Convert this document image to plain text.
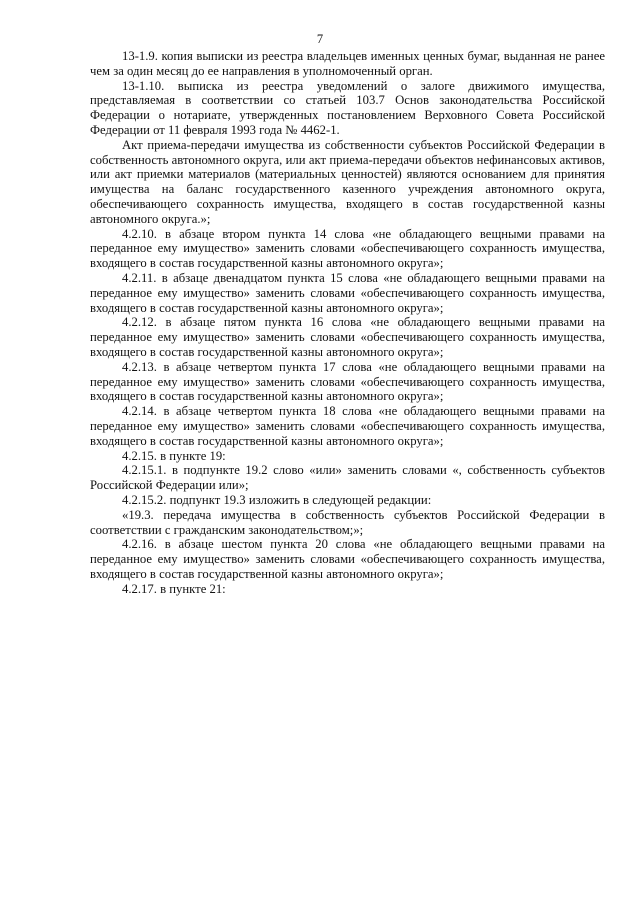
7

13-1.9. копия выписки из реестра владельцев именных ценных бумаг, выданная не ранее чем за один месяц до ее направления в уполномоченный орган.

13-1.10. выписка из реестра уведомлений о залоге движимого имущества, представляемая в соответствии со статьей 103.7 Основ законодательства Российской Федерации о нотариате, утвержденных постановлением Верховного Совета Российской Федерации от 11 февраля 1993 года № 4462-1.

Акт приема-передачи имущества из собственности субъектов Российской Федерации в собственность автономного округа, или акт приема-передачи объектов нефинансовых активов, или акт приемки материалов (материальных ценностей) являются основанием для принятия имущества на баланс государственного казенного учреждения автономного округа, обеспечивающего сохранность имущества, входящего в состав государственной казны автономного округа.»;

4.2.10. в абзаце втором пункта 14 слова «не обладающего вещными правами на переданное ему имущество» заменить словами «обеспечивающего сохранность имущества, входящего в состав государственной казны автономного округа»;

4.2.11. в абзаце двенадцатом пункта 15 слова «не обладающего вещными правами на переданное ему имущество» заменить словами «обеспечивающего сохранность имущества, входящего в состав государственной казны автономного округа»;

4.2.12. в абзаце пятом пункта 16 слова «не обладающего вещными правами на переданное ему имущество» заменить словами «обеспечивающего сохранность имущества, входящего в состав государственной казны автономного округа»;

4.2.13. в абзаце четвертом пункта 17 слова «не обладающего вещными правами на переданное ему имущество» заменить словами «обеспечивающего сохранность имущества, входящего в состав государственной казны автономного округа»;

4.2.14. в абзаце четвертом пункта 18 слова «не обладающего вещными правами на переданное ему имущество» заменить словами «обеспечивающего сохранность имущества, входящего в состав государственной казны автономного округа»;

4.2.15. в пункте 19:

4.2.15.1. в подпункте 19.2 слово «или» заменить словами «, собственность субъектов Российской Федерации или»;

4.2.15.2. подпункт 19.3 изложить в следующей редакции:

«19.3. передача имущества в собственность субъектов Российской Федерации в соответствии с гражданским законодательством;»;

4.2.16. в абзаце шестом пункта 20 слова «не обладающего вещными правами на переданное ему имущество» заменить словами «обеспечивающего сохранность имущества, входящего в состав государственной казны автономного округа»;

4.2.17. в пункте 21:
